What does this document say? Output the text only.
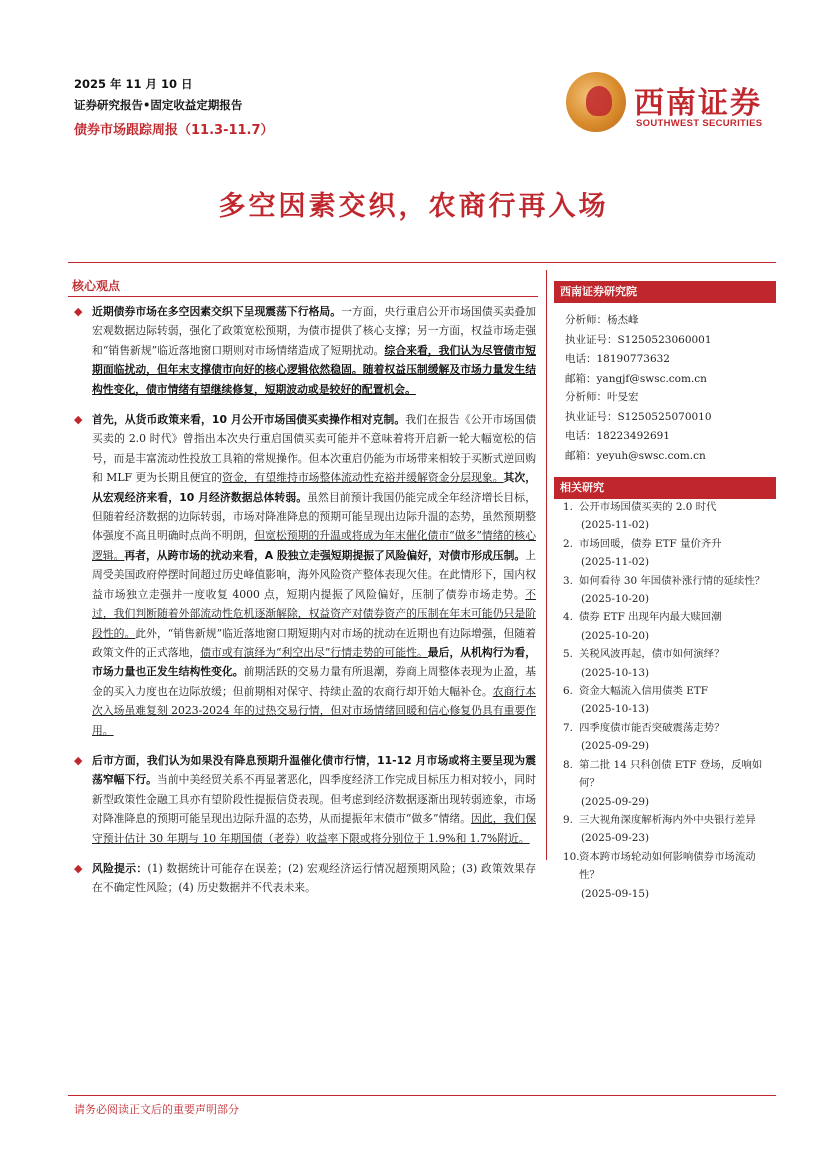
2025 年 11 月 10 日
证券研究报告•固定收益定期报告
债券市场跟踪周报（11.3-11.7）
西南证券
SOUTHWEST SECURITIES
多空因素交织，农商行再入场
核心观点

◆ 近期债券市场在多空因素交织下呈现震荡下行格局。一方面，央行重启公开市场国债买卖叠加宏观数据边际转弱，强化了政策宽松预期，为债市提供了核心支撑；另一方面，权益市场走强和“销售新规”临近落地窗口期则对市场情绪造成了短期扰动。综合来看，我们认为尽管债市短期面临扰动，但年末支撑债市向好的核心逻辑依然稳固。随着权益压制缓解及市场力量发生结构性变化，债市情绪有望继续修复，短期波动或是较好的配置机会。

◆ 首先，从货币政策来看，10 月公开市场国债买卖操作相对克制。我们在报告《公开市场国债买卖的 2.0 时代》曾指出本次央行重启国债买卖可能并不意味着将开启新一轮大幅宽松的信号，而是丰富流动性投放工具箱的常规操作。但本次重启仍能为市场带来相较于买断式逆回购和 MLF 更为长期且便宜的资金，有望维持市场整体流动性充裕并缓解资金分层现象。其次，从宏观经济来看，10 月经济数据总体转弱。虽然目前预计我国仍能完成全年经济增长目标，但随着经济数据的边际转弱，市场对降准降息的预期可能呈现出边际升温的态势，虽然预期整体强度不高且明确时点尚不明朗，但宽松预期的升温或将成为年末催化债市“做多”情绪的核心逻辑。再者，从跨市场的扰动来看，A 股独立走强短期提振了风险偏好，对债市形成压制。上周受美国政府停摆时间超过历史峰值影响，海外风险资产整体表现欠佳。在此情形下，国内权益市场独立走强并一度收复 4000 点，短期内提振了风险偏好，压制了债券市场走势。不过，我们判断随着外部流动性危机逐渐解除，权益资产对债券资产的压制在年末可能仍只是阶段性的。此外，“销售新规”临近落地窗口期短期内对市场的扰动在近期也有边际增强，但随着政策文件的正式落地，债市或有演绎为“利空出尽”行情走势的可能性。最后，从机构行为看，市场力量也正发生结构性变化。前期活跃的交易力量有所退潮，券商上周整体表现为止盈，基金的买入力度也在边际放缓；但前期相对保守、持续止盈的农商行却开始大幅补仓。农商行本次入场虽难复刻 2023-2024 年的过热交易行情，但对市场情绪回暖和信心修复仍具有重要作用。

◆ 后市方面，我们认为如果没有降息预期升温催化债市行情，11-12 月市场或将主要呈现为震荡窄幅下行。当前中美经贸关系不再显著恶化，四季度经济工作完成目标压力相对较小，同时新型政策性金融工具亦有望阶段性提振信贷表现。但考虑到经济数据逐渐出现转弱迹象，市场对降准降息的预期可能呈现出边际升温的态势，从而提振年末债市“做多”情绪。因此，我们保守预计估计 30 年期与 10 年期国债（老券）收益率下限或将分别位于 1.9%和 1.7%附近。

◆ 风险提示：(1) 数据统计可能存在误差；(2) 宏观经济运行情况超预期风险；(3) 政策效果存在不确定性风险；(4) 历史数据并不代表未来。

西南证券研究院
分析师：杨杰峰
执业证号：S1250523060001
电话：18190773632
邮箱：yangjf@swsc.com.cn
分析师：叶旻宏
执业证号：S1250525070010
电话：18223492691
邮箱：yeyuh@swsc.com.cn
相关研究
1. 公开市场国债买卖的 2.0 时代
(2025-11-02)
2. 市场回暖，债券 ETF 量价齐升
(2025-11-02)
3. 如何看待 30 年国债补涨行情的延续性？
(2025-10-20)
4. 债券 ETF 出现年内最大赎回潮
(2025-10-20)
5. 关税风波再起，债市如何演绎？
(2025-10-13)
6. 资金大幅流入信用债类 ETF
(2025-10-13)
7. 四季度债市能否突破震荡走势？
(2025-09-29)
8. 第二批 14 只科创债 ETF 登场，反响如何？
(2025-09-29)
9. 三大视角深度解析海内外中央银行差异
(2025-09-23)
10. 资本跨市场轮动如何影响债券市场流动性？
(2025-09-15)
请务必阅读正文后的重要声明部分
